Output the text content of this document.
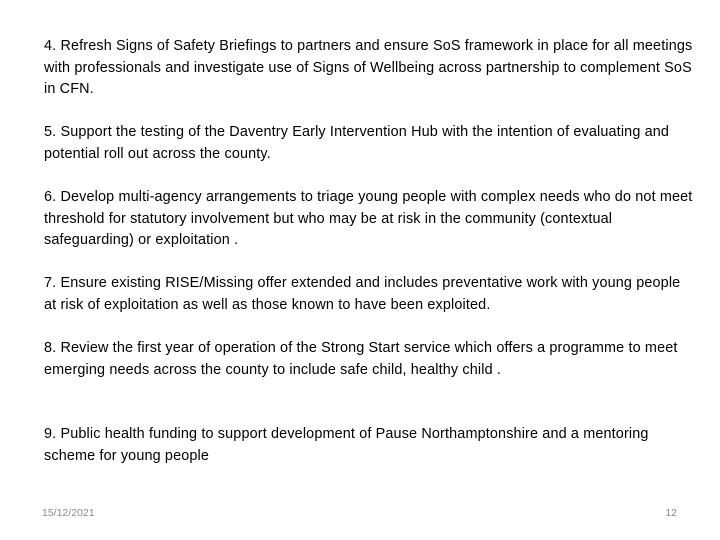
4. Refresh Signs of Safety Briefings to partners and ensure SoS framework in place for all meetings with professionals and investigate use of Signs of Wellbeing across partnership to complement SoS in CFN.

5. Support the testing of the Daventry Early Intervention Hub with the intention of evaluating and potential roll out across the county.

6. Develop multi-agency arrangements to triage young people with complex needs who do not meet threshold for statutory involvement but who may be at risk in the community (contextual safeguarding) or exploitation .

7. Ensure existing RISE/Missing offer extended and includes preventative work with young people at risk of exploitation as well as those known to have been exploited.

8. Review the first year of operation of the Strong Start service which offers a programme to meet emerging needs across the county to include safe child, healthy child .

9. Public health funding to support development of Pause Northamptonshire and a mentoring scheme for young people

15/12/2021	12
